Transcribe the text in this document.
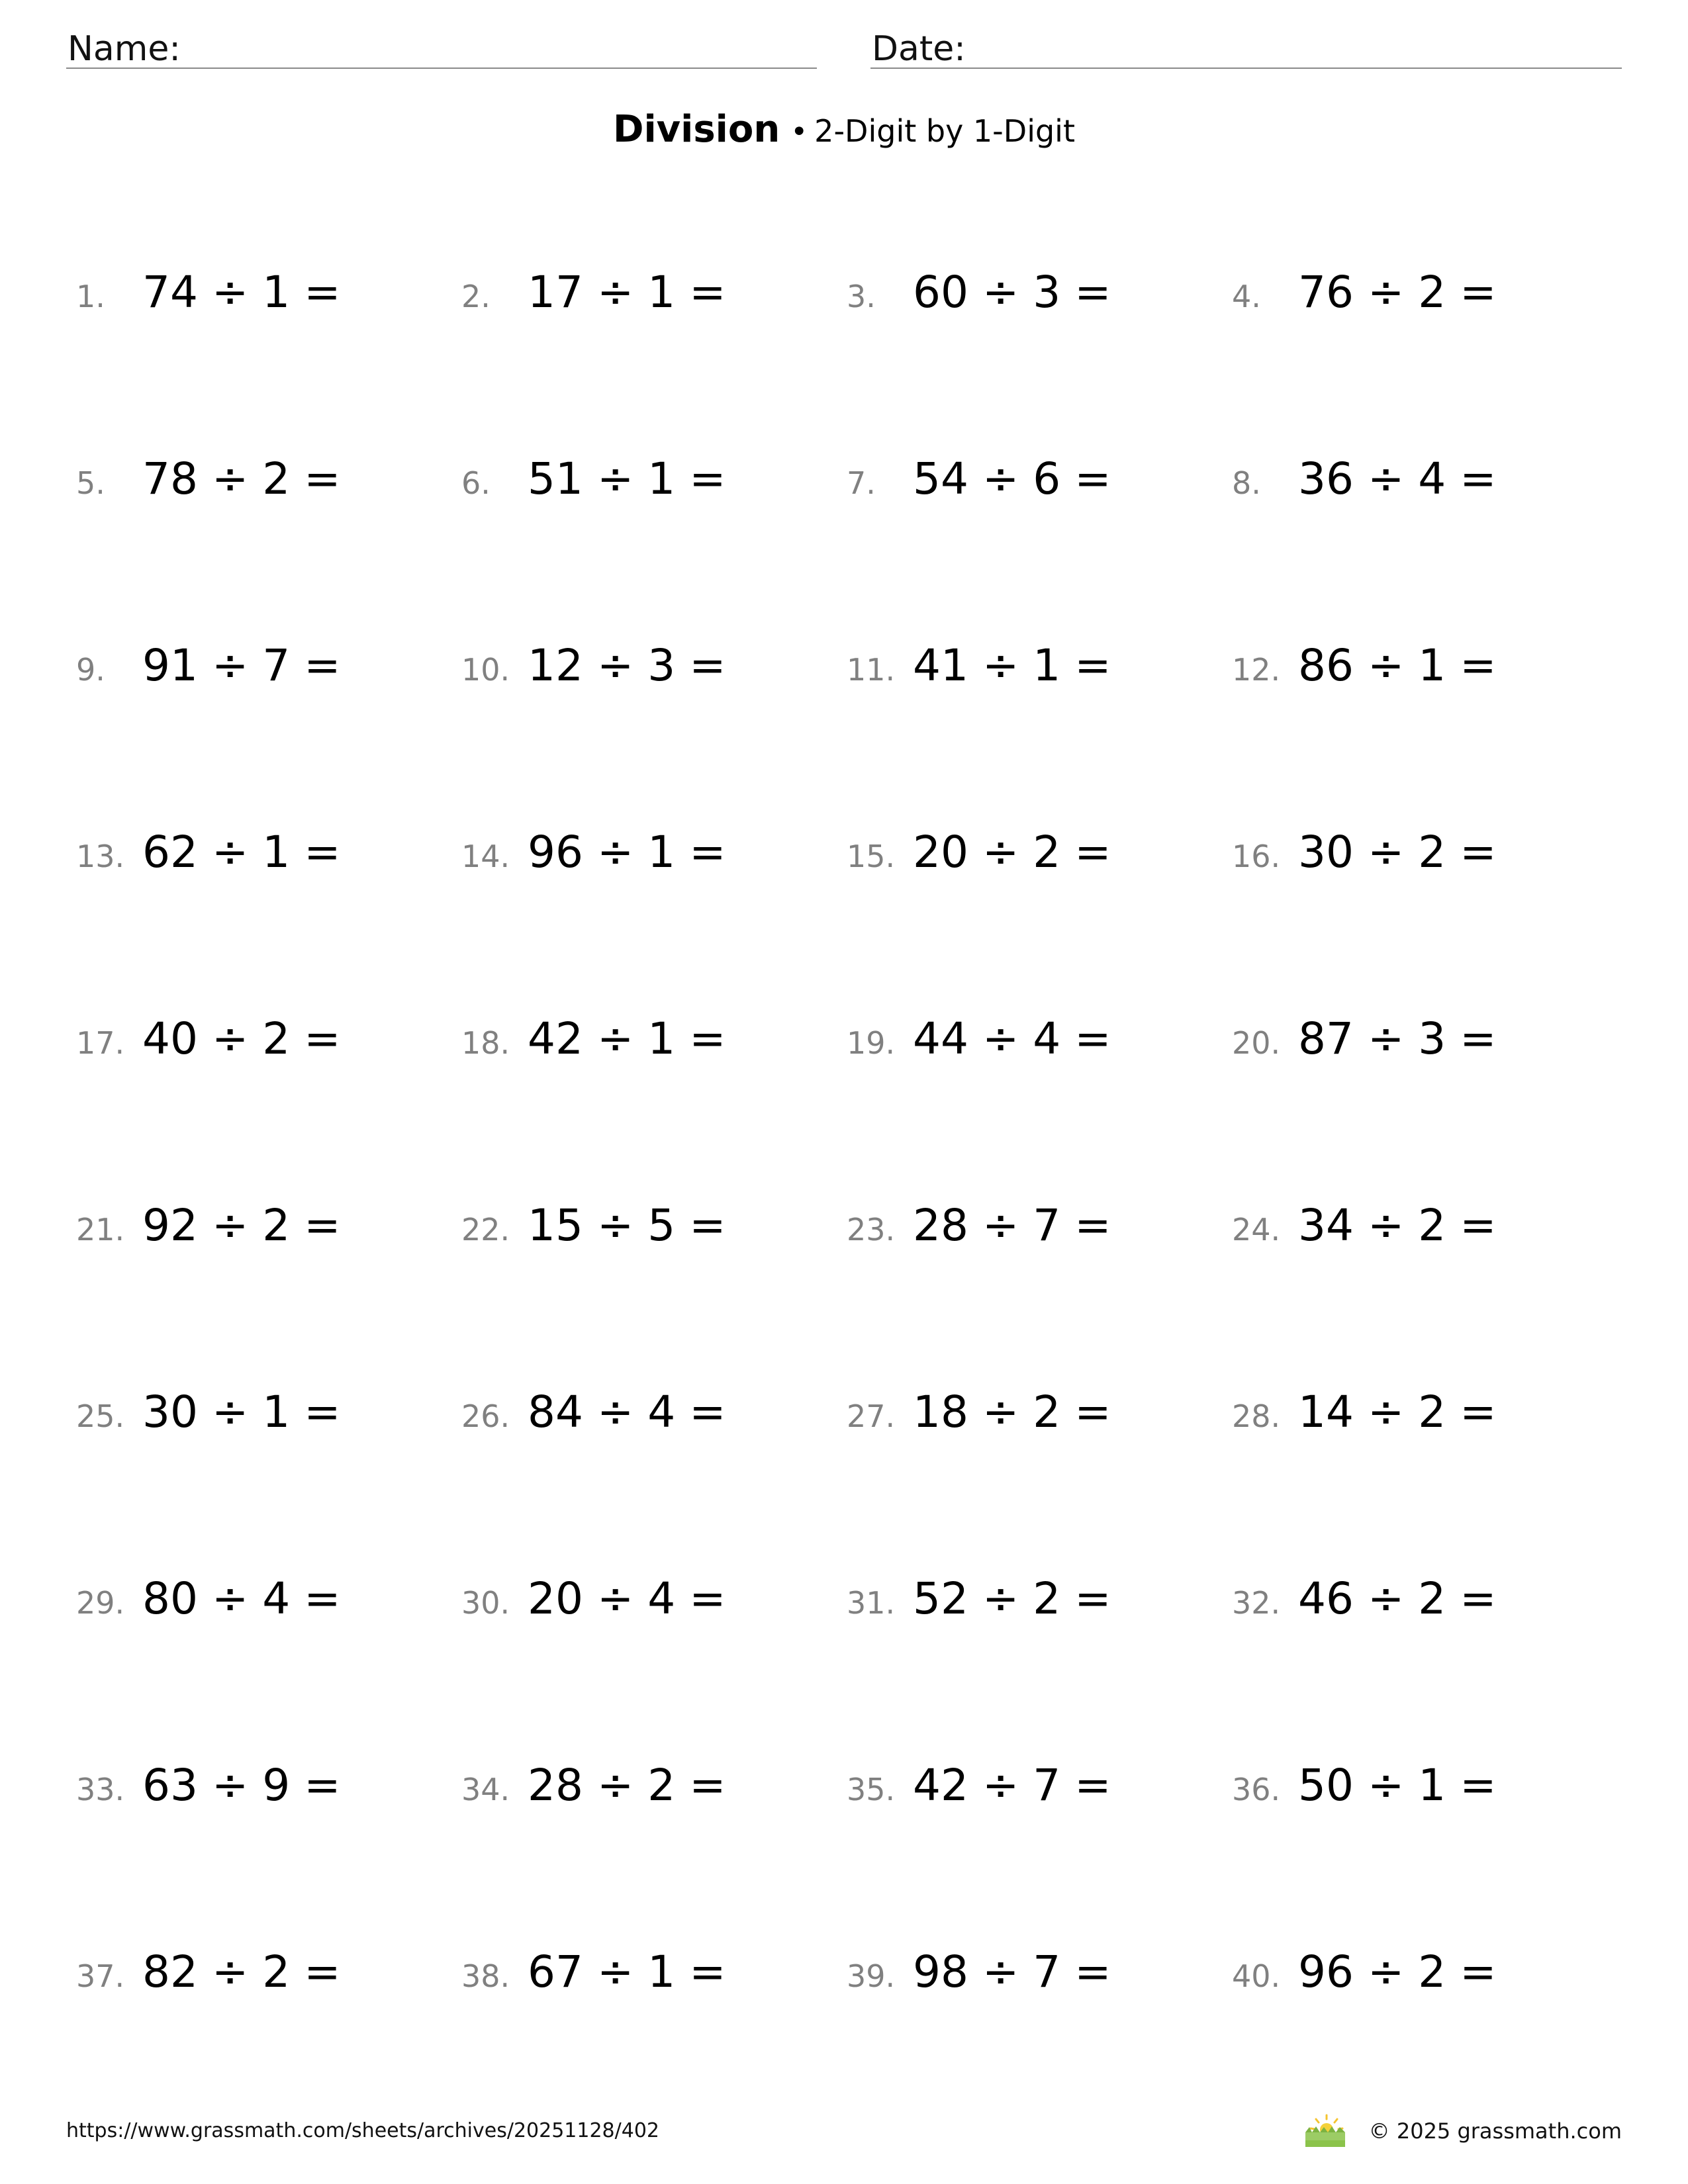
Name:	Date:
Division • 2-Digit by 1-Digit
1. 74 ÷ 1 =	2. 17 ÷ 1 =	3. 60 ÷ 3 =	4. 76 ÷ 2 =
5. 78 ÷ 2 =	6. 51 ÷ 1 =	7. 54 ÷ 6 =	8. 36 ÷ 4 =
9. 91 ÷ 7 =	10. 12 ÷ 3 =	11. 41 ÷ 1 =	12. 86 ÷ 1 =
13. 62 ÷ 1 =	14. 96 ÷ 1 =	15. 20 ÷ 2 =	16. 30 ÷ 2 =
17. 40 ÷ 2 =	18. 42 ÷ 1 =	19. 44 ÷ 4 =	20. 87 ÷ 3 =
21. 92 ÷ 2 =	22. 15 ÷ 5 =	23. 28 ÷ 7 =	24. 34 ÷ 2 =
25. 30 ÷ 1 =	26. 84 ÷ 4 =	27. 18 ÷ 2 =	28. 14 ÷ 2 =
29. 80 ÷ 4 =	30. 20 ÷ 4 =	31. 52 ÷ 2 =	32. 46 ÷ 2 =
33. 63 ÷ 9 =	34. 28 ÷ 2 =	35. 42 ÷ 7 =	36. 50 ÷ 1 =
37. 82 ÷ 2 =	38. 67 ÷ 1 =	39. 98 ÷ 7 =	40. 96 ÷ 2 =
https://www.grassmath.com/sheets/archives/20251128/402	© 2025 grassmath.com
